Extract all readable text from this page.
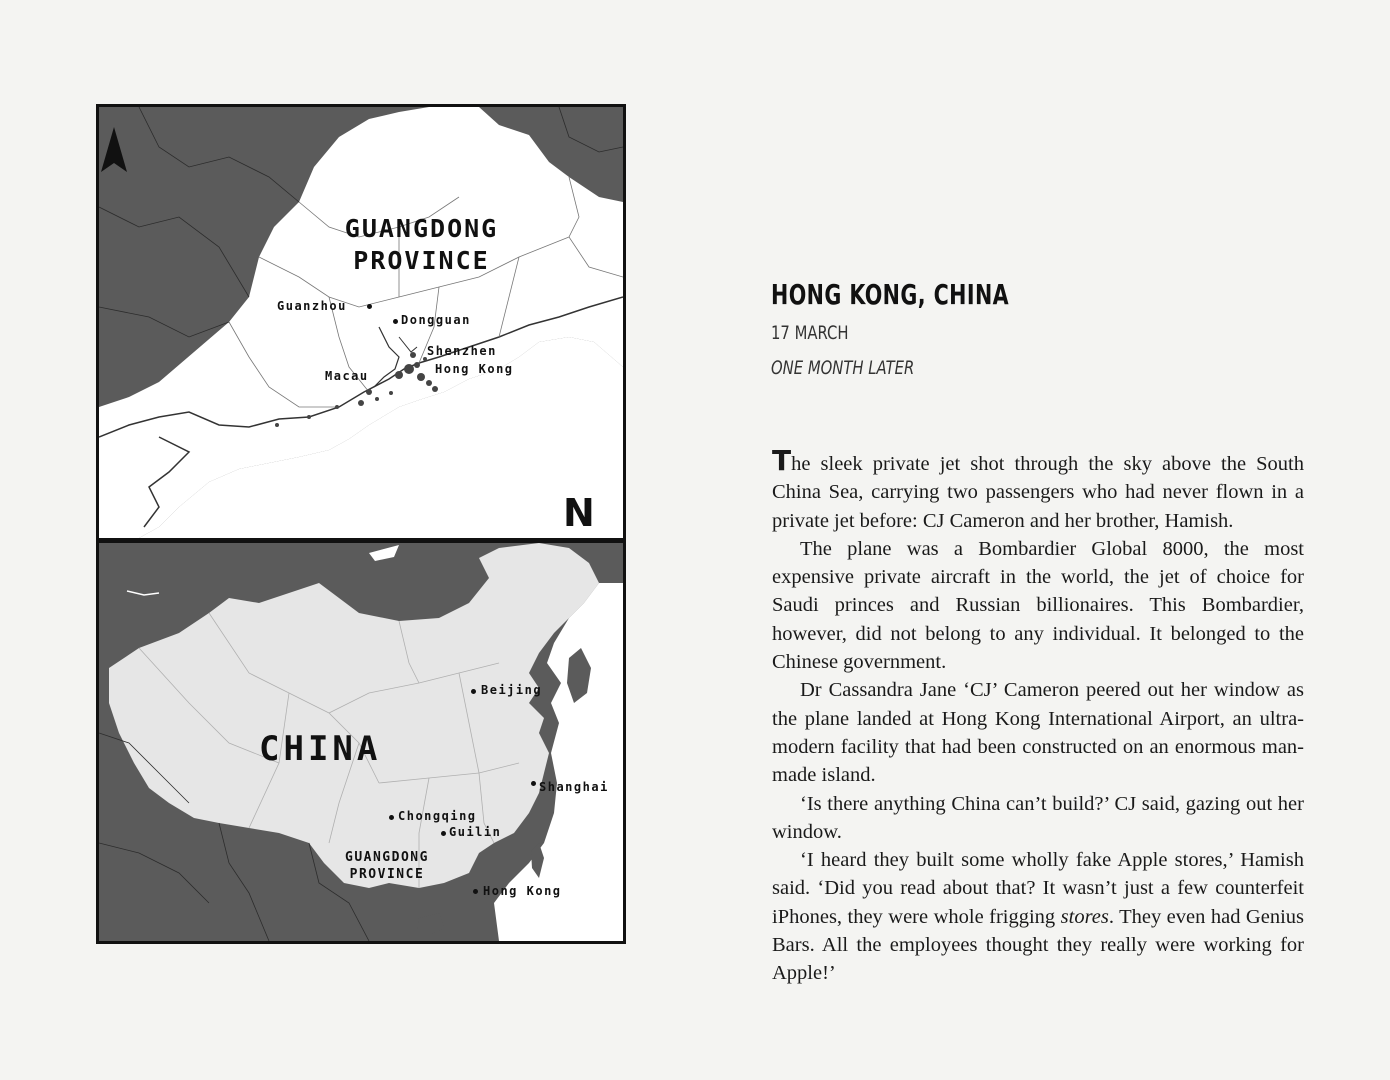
GUANGDONG
PROVINCE
Guanzhou
Dongguan
Shenzhen
Macau	Hong Kong
N
CHINA
Beijing
Shanghai
Chongqing
Guilin
GUANGDONG
PROVINCE
Hong Kong
HONG KONG, CHINA
17 MARCH
ONE MONTH LATER

The sleek private jet shot through the sky above the South China Sea, carrying two passengers who had never flown in a private jet before: CJ Cameron and her brother, Hamish.

The plane was a Bombardier Global 8000, the most expensive private aircraft in the world, the jet of choice for Saudi princes and Russian billionaires. This Bombardier, however, did not belong to any individual. It belonged to the Chinese government.

Dr Cassandra Jane ‘CJ’ Cameron peered out her window as the plane landed at Hong Kong International Airport, an ultra-modern facility that had been constructed on an enormous man-made island.

‘Is there anything China can’t build?’ CJ said, gazing out her window.

‘I heard they built some wholly fake Apple stores,’ Hamish said. ‘Did you read about that? It wasn’t just a few counterfeit iPhones, they were whole frigging stores. They even had Genius Bars. All the employees thought they really were working for Apple!’
